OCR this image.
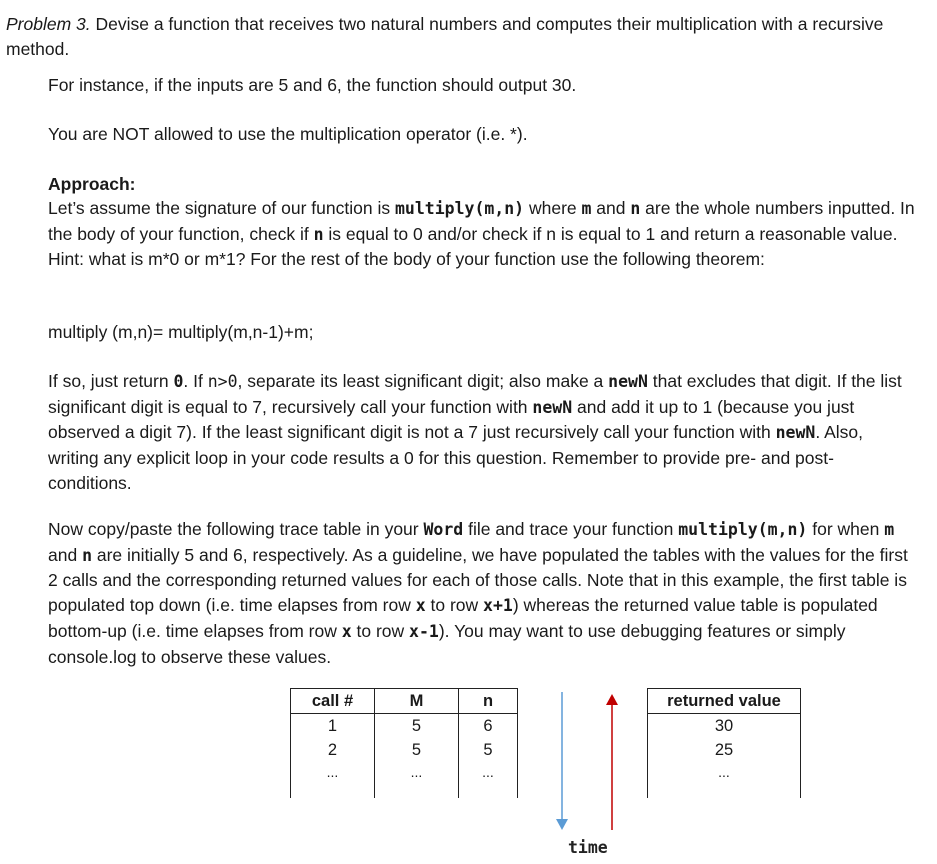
Problem 3. Devise a function that receives two natural numbers and computes their multiplication with a recursive method.

For instance, if the inputs are 5 and 6, the function should output 30.

You are NOT allowed to use the multiplication operator (i.e. *).

Approach:

Let’s assume the signature of our function is multiply(m,n) where m and n are the whole numbers inputted. In the body of your function, check if n is equal to 0 and/or check if n is equal to 1 and return a reasonable value. Hint: what is m*0 or m*1? For the rest of the body of your function use the following theorem:

multiply (m,n)= multiply(m,n-1)+m;

If so, just return 0. If n>0, separate its least significant digit; also make a newN that excludes that digit. If the list significant digit is equal to 7, recursively call your function with newN and add it up to 1 (because you just observed a digit 7). If the least significant digit is not a 7 just recursively call your function with newN. Also, writing any explicit loop in your code results a 0 for this question. Remember to provide pre- and post- conditions.

Now copy/paste the following trace table in your Word file and trace your function multiply(m,n) for when m and n are initially 5 and 6, respectively. As a guideline, we have populated the tables with the values for the first 2 calls and the corresponding returned values for each of those calls. Note that in this example, the first table is populated top down (i.e. time elapses from row x to row x+1) whereas the returned value table is populated bottom-up (i.e. time elapses from row x to row x-1). You may want to use debugging features or simply console.log to observe these values.

call #	M	n
1	5	6
2	5	5
...	...	...
time
returned value
30
25
...
